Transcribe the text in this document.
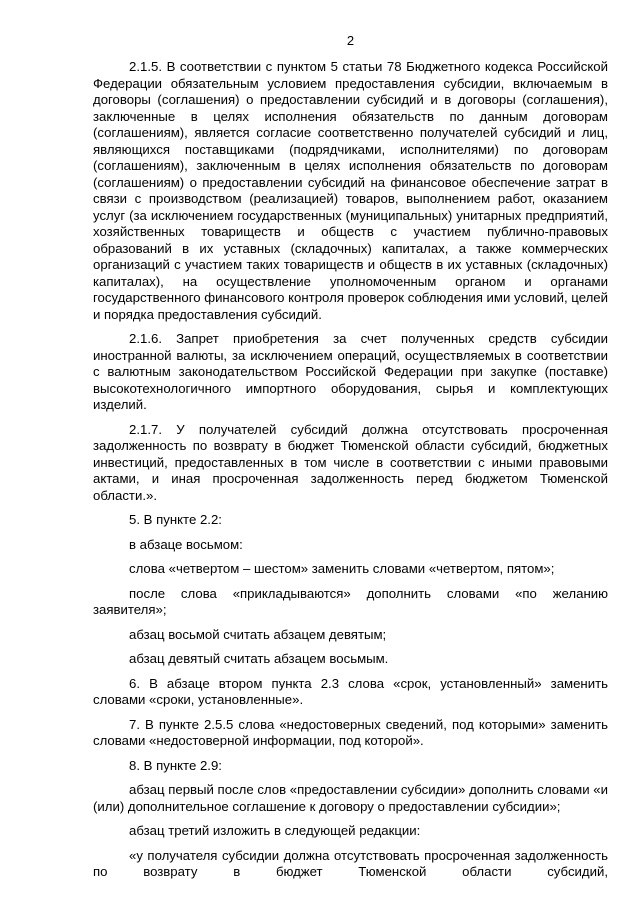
2

2.1.5. В соответствии с пунктом 5 статьи 78 Бюджетного кодекса Российской Федерации обязательным условием предоставления субсидии, включаемым в договоры (соглашения) о предоставлении субсидий и в договоры (соглашения), заключенные в целях исполнения обязательств по данным договорам (соглашениям), является согласие соответственно получателей субсидий и лиц, являющихся поставщиками (подрядчиками, исполнителями) по договорам (соглашениям), заключенным в целях исполнения обязательств по договорам (соглашениям) о предоставлении субсидий на финансовое обеспечение затрат в связи с производством (реализацией) товаров, выполнением работ, оказанием услуг (за исключением государственных (муниципальных) унитарных предприятий, хозяйственных товариществ и обществ с участием публично-правовых образований в их уставных (складочных) капиталах, а также коммерческих организаций с участием таких товариществ и обществ в их уставных (складочных) капиталах), на осуществление уполномоченным органом и органами государственного финансового контроля проверок соблюдения ими условий, целей и порядка предоставления субсидий.

2.1.6. Запрет приобретения за счет полученных средств субсидии иностранной валюты, за исключением операций, осуществляемых в соответствии с валютным законодательством Российской Федерации при закупке (поставке) высокотехнологичного импортного оборудования, сырья и комплектующих изделий.

2.1.7. У получателей субсидий должна отсутствовать просроченная задолженность по возврату в бюджет Тюменской области субсидий, бюджетных инвестиций, предоставленных в том числе в соответствии с иными правовыми актами, и иная просроченная задолженность перед бюджетом Тюменской области.».

5. В пункте 2.2:

в абзаце восьмом:

слова «четвертом – шестом» заменить словами «четвертом, пятом»;

после слова «прикладываются» дополнить словами «по желанию заявителя»;

абзац восьмой считать абзацем девятым;

абзац девятый считать абзацем восьмым.

6. В абзаце втором пункта 2.3 слова «срок, установленный» заменить словами «сроки, установленные».

7. В пункте 2.5.5 слова «недостоверных сведений, под которыми» заменить словами «недостоверной информации, под которой».

8. В пункте 2.9:

абзац первый после слов «предоставлении субсидии» дополнить словами «и (или) дополнительное соглашение к договору о предоставлении субсидии»;

абзац третий изложить в следующей редакции:

«у получателя субсидии должна отсутствовать просроченная задолженность по возврату в бюджет Тюменской области субсидий,
